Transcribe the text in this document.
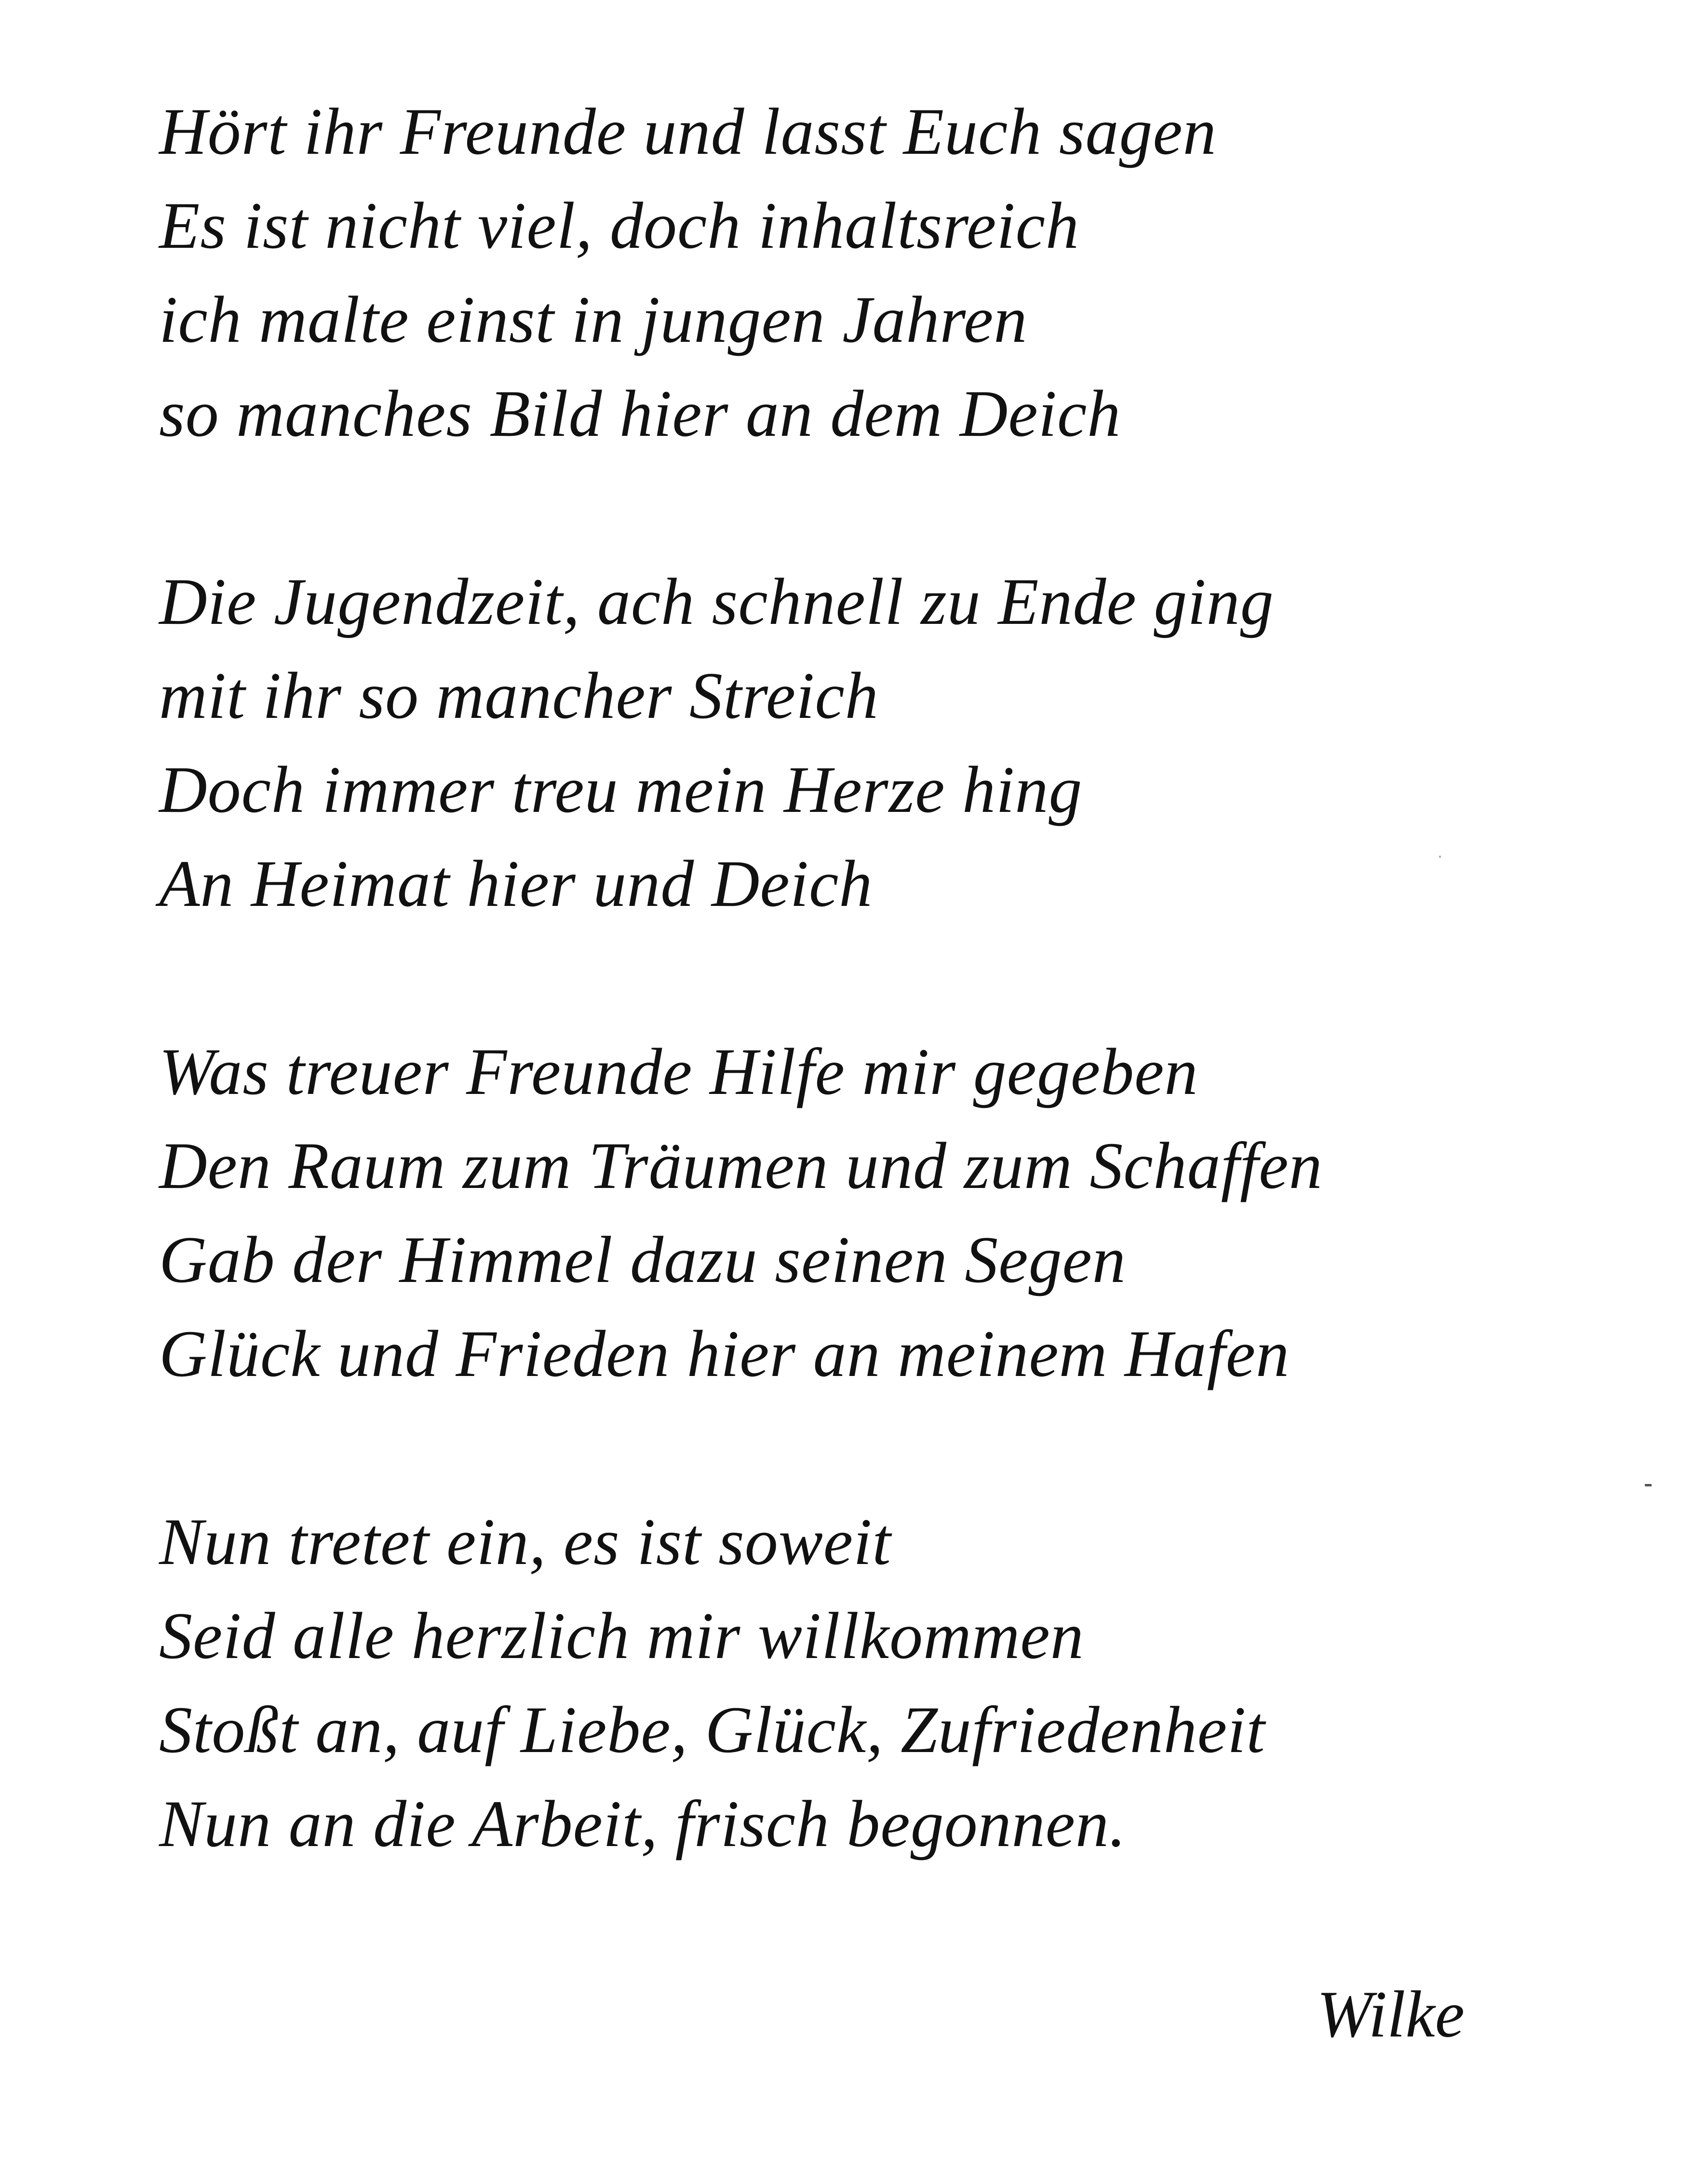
Hört ihr Freunde und lasst Euch sagen
Es ist nicht viel, doch inhaltsreich
ich malte einst in jungen Jahren
so manches Bild hier an dem Deich
Die Jugendzeit, ach schnell zu Ende ging
mit ihr so mancher Streich
Doch immer treu mein Herze hing
An Heimat hier und Deich
Was treuer Freunde Hilfe mir gegeben
Den Raum zum Träumen und zum Schaffen
Gab der Himmel dazu seinen Segen
Glück und Frieden hier an meinem Hafen
Nun tretet ein, es ist soweit
Seid alle herzlich mir willkommen
Stoßt an, auf Liebe, Glück, Zufriedenheit
Nun an die Arbeit, frisch begonnen.
Wilke
